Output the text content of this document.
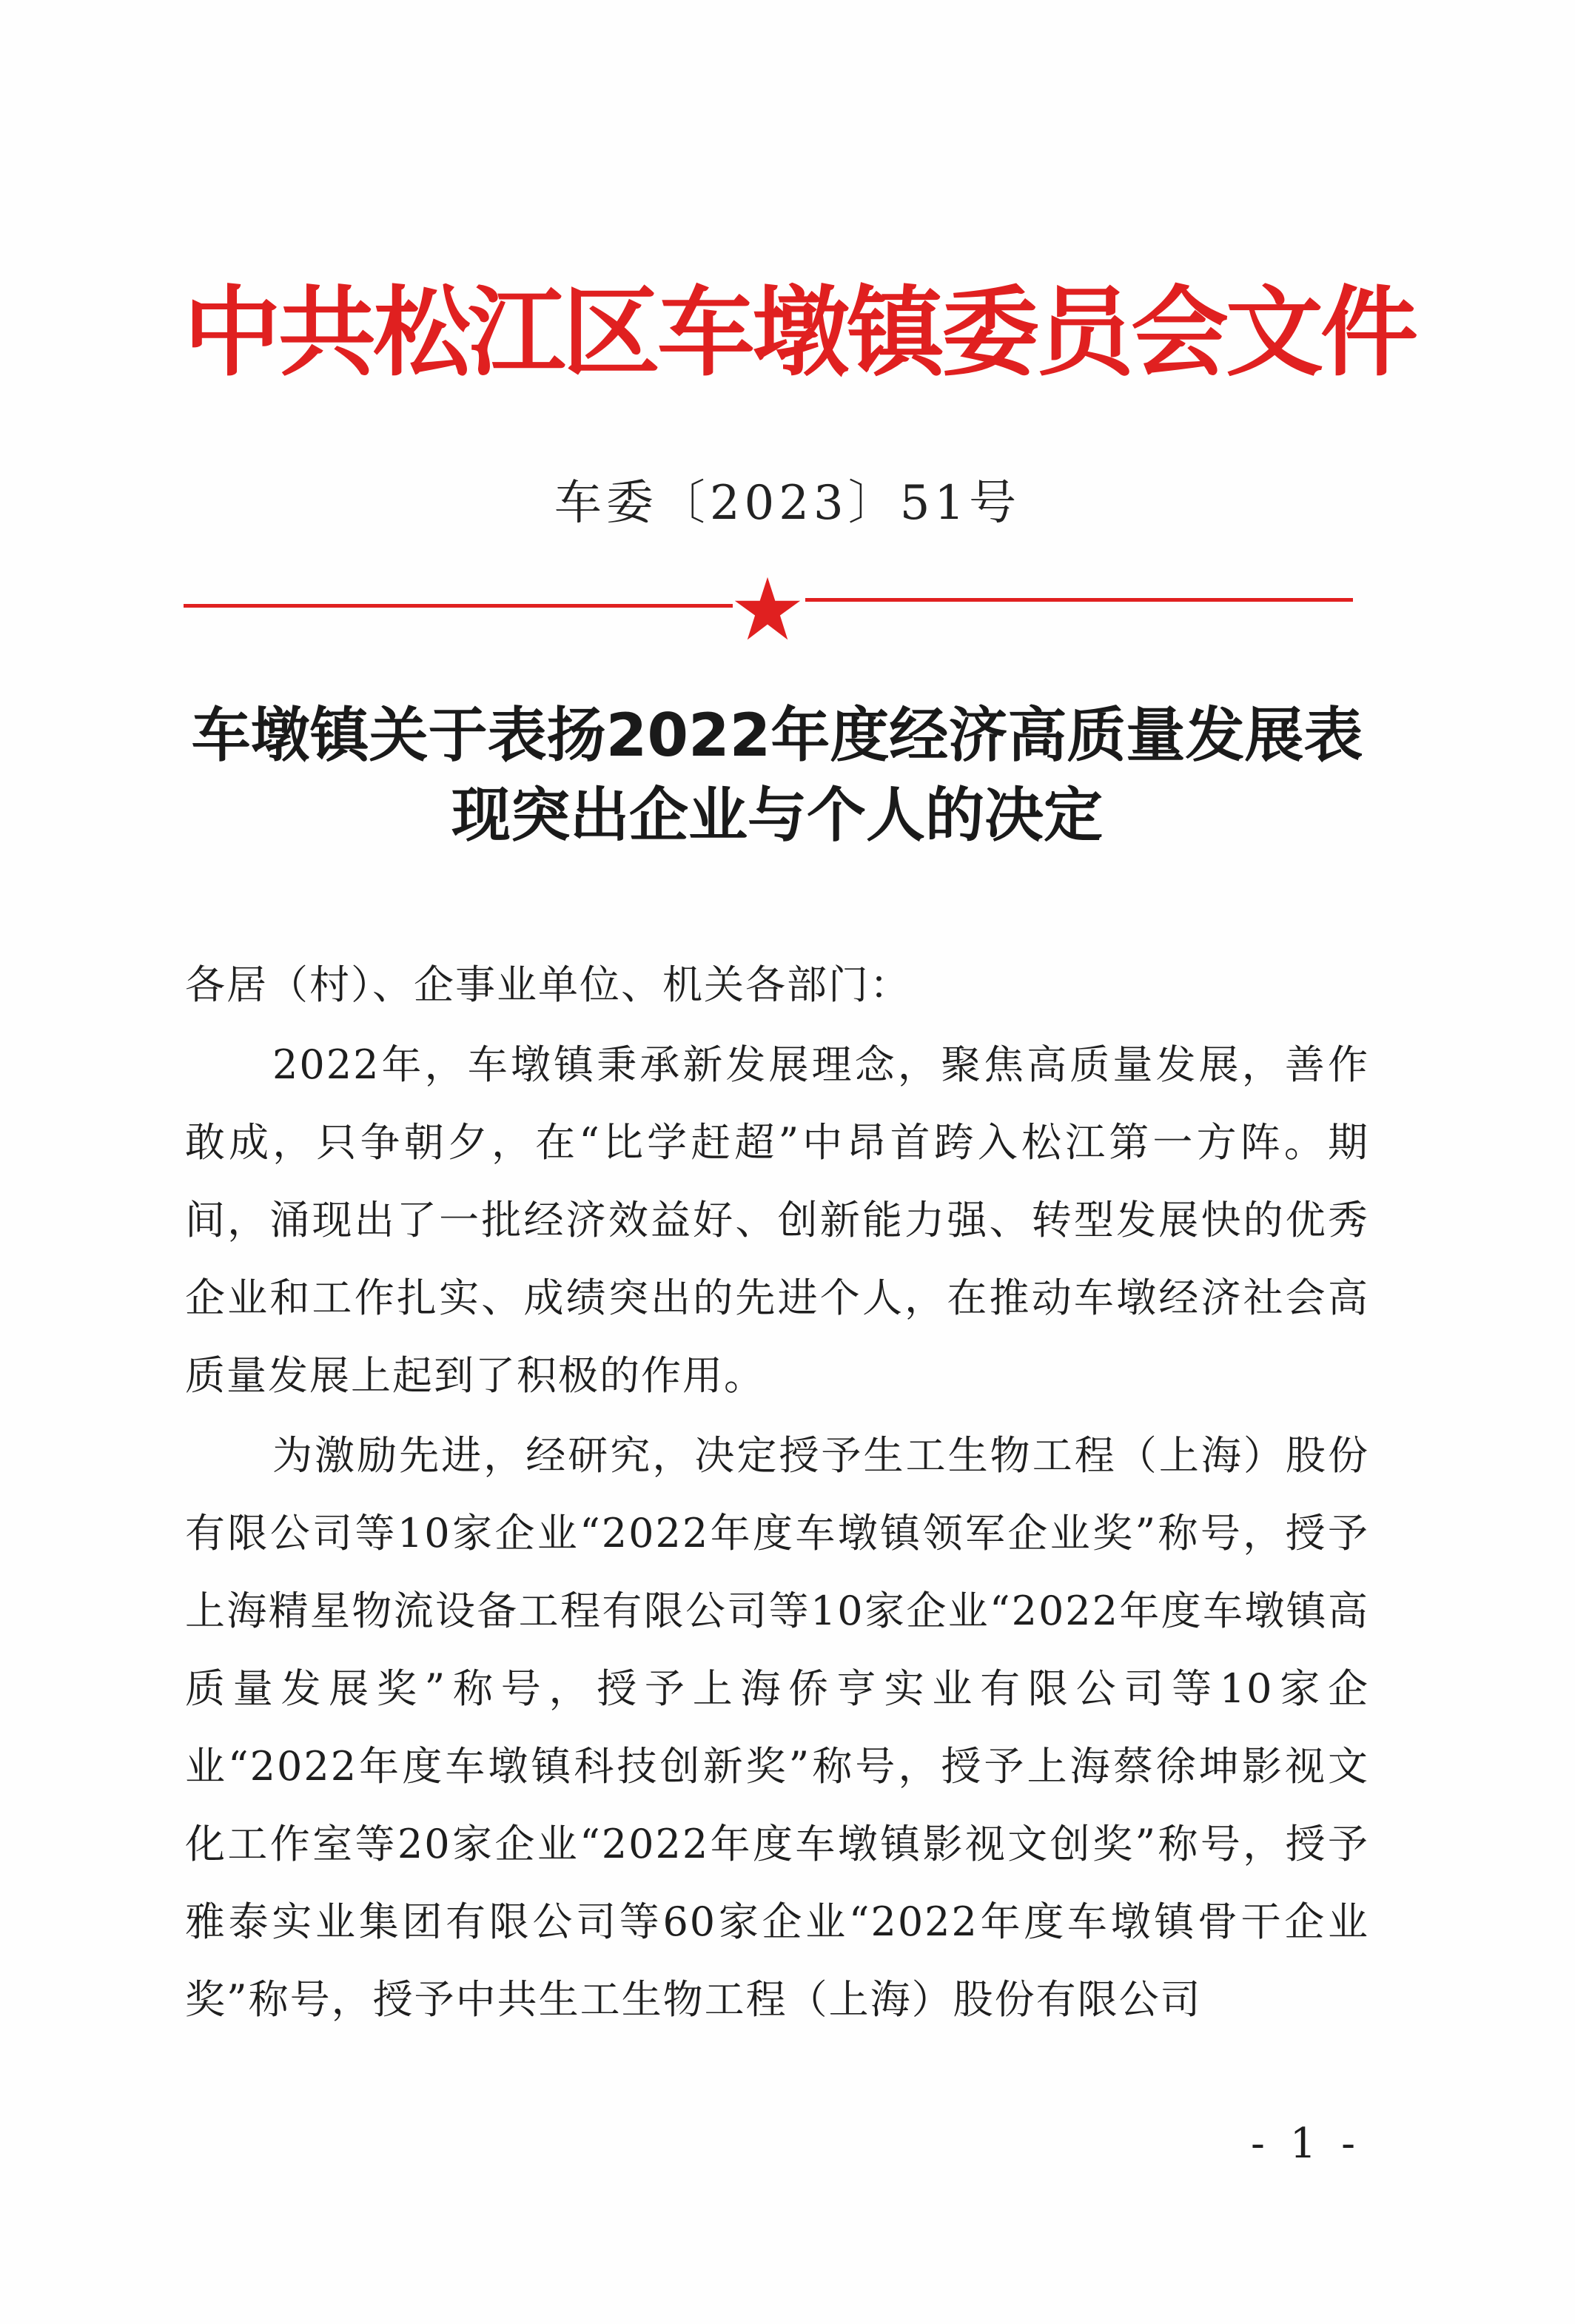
中共松江区车墩镇委员会文件
车委〔2023〕51号
车墩镇关于表扬2022年度经济高质量发展表现突出企业与个人的决定
各居（村）、企事业单位、机关各部门：
2022年，车墩镇秉承新发展理念，聚焦高质量发展，善作敢成，只争朝夕，在“比学赶超”中昂首跨入松江第一方阵。期间，涌现出了一批经济效益好、创新能力强、转型发展快的优秀企业和工作扎实、成绩突出的先进个人，在推动车墩经济社会高质量发展上起到了积极的作用。
为激励先进，经研究，决定授予生工生物工程（上海）股份有限公司等10家企业“2022年度车墩镇领军企业奖”称号，授予上海精星物流设备工程有限公司等10家企业“2022年度车墩镇高质量发展奖”称号，授予上海侨亨实业有限公司等10家企业“2022年度车墩镇科技创新奖”称号，授予上海蔡徐坤影视文化工作室等20家企业“2022年度车墩镇影视文创奖”称号，授予雅泰实业集团有限公司等60家企业“2022年度车墩镇骨干企业奖”称号，授予中共生工生物工程（上海）股份有限公司
- 1 -
